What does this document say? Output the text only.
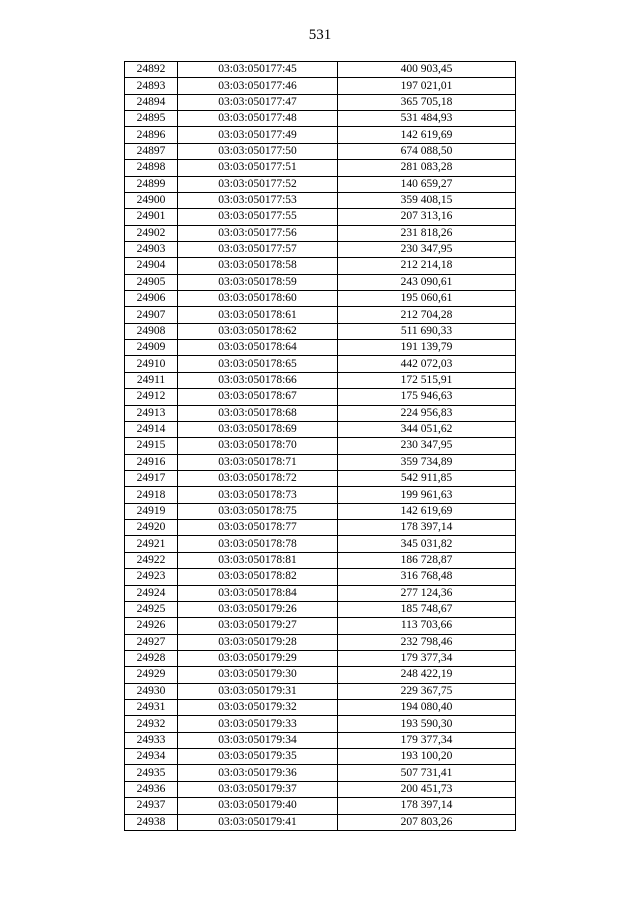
531
24892	03:03:050177:45	400 903,45
24893	03:03:050177:46	197 021,01
24894	03:03:050177:47	365 705,18
24895	03:03:050177:48	531 484,93
24896	03:03:050177:49	142 619,69
24897	03:03:050177:50	674 088,50
24898	03:03:050177:51	281 083,28
24899	03:03:050177:52	140 659,27
24900	03:03:050177:53	359 408,15
24901	03:03:050177:55	207 313,16
24902	03:03:050177:56	231 818,26
24903	03:03:050177:57	230 347,95
24904	03:03:050178:58	212 214,18
24905	03:03:050178:59	243 090,61
24906	03:03:050178:60	195 060,61
24907	03:03:050178:61	212 704,28
24908	03:03:050178:62	511 690,33
24909	03:03:050178:64	191 139,79
24910	03:03:050178:65	442 072,03
24911	03:03:050178:66	172 515,91
24912	03:03:050178:67	175 946,63
24913	03:03:050178:68	224 956,83
24914	03:03:050178:69	344 051,62
24915	03:03:050178:70	230 347,95
24916	03:03:050178:71	359 734,89
24917	03:03:050178:72	542 911,85
24918	03:03:050178:73	199 961,63
24919	03:03:050178:75	142 619,69
24920	03:03:050178:77	178 397,14
24921	03:03:050178:78	345 031,82
24922	03:03:050178:81	186 728,87
24923	03:03:050178:82	316 768,48
24924	03:03:050178:84	277 124,36
24925	03:03:050179:26	185 748,67
24926	03:03:050179:27	113 703,66
24927	03:03:050179:28	232 798,46
24928	03:03:050179:29	179 377,34
24929	03:03:050179:30	248 422,19
24930	03:03:050179:31	229 367,75
24931	03:03:050179:32	194 080,40
24932	03:03:050179:33	193 590,30
24933	03:03:050179:34	179 377,34
24934	03:03:050179:35	193 100,20
24935	03:03:050179:36	507 731,41
24936	03:03:050179:37	200 451,73
24937	03:03:050179:40	178 397,14
24938	03:03:050179:41	207 803,26
